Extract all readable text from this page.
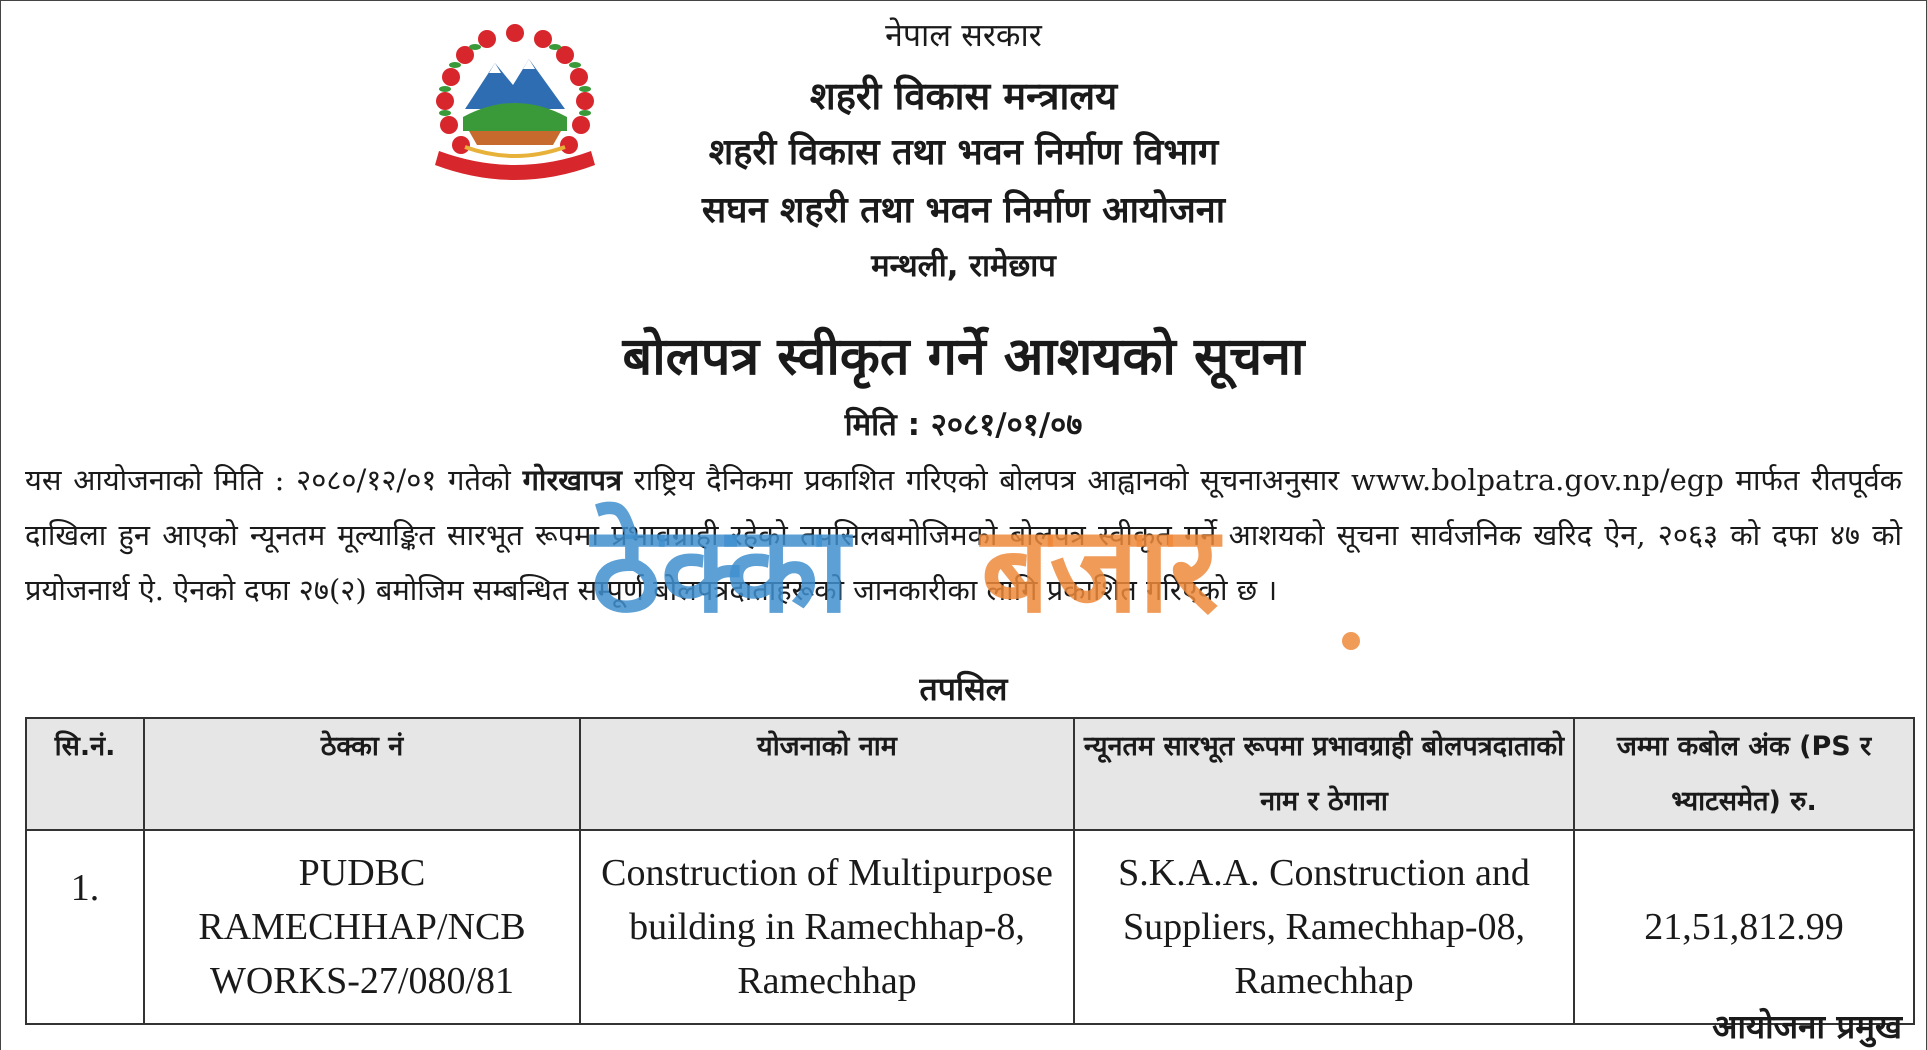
नेपाल सरकार

शहरी विकास मन्त्रालय

शहरी विकास तथा भवन निर्माण विभाग

सघन शहरी तथा भवन निर्माण आयोजना

मन्थली, रामेछाप

बोलपत्र स्वीकृत गर्ने आशयको सूचना
मिति : २०८१/०१/०७

यस आयोजनाको मिति : २०८०/१२/०१ गतेको गोरखापत्र राष्ट्रिय दैनिकमा प्रकाशित गरिएको बोलपत्र आह्वानको सूचनाअनुसार www.bolpatra.gov.np/egp मार्फत रीतपूर्वक दाखिला हुन आएको न्यूनतम मूल्याङ्कित सारभूत रूपमा प्रभावग्राही रहेको तपसिलबमोजिमको बोलपत्र स्वीकृत गर्ने आशयको सूचना सार्वजनिक खरिद ऐन, २०६३ को दफा ४७ को प्रयोजनार्थ ऐ. ऐनको दफा २७(२) बमोजिम सम्बन्धित सम्पूर्ण बोलपत्रदाताहरूको जानकारीका लागि प्रकाशित गरिएको छ ।

ठेक्का बजार
तपसिल
सि.नं.	ठेक्का नं	योजनाको नाम	न्यूनतम सारभूत रूपमा प्रभावग्राही बोलपत्रदाताको नाम र ठेगाना	जम्मा कबोल अंक (PS र भ्याटसमेत) रु.
1.	PUDBC RAMECHHAP/NCB WORKS-27/080/81	Construction of Multipurpose building in Ramechhap-8, Ramechhap	S.K.A.A. Construction and Suppliers, Ramechhap-08, Ramechhap	21,51,812.99
आयोजना प्रमुख
